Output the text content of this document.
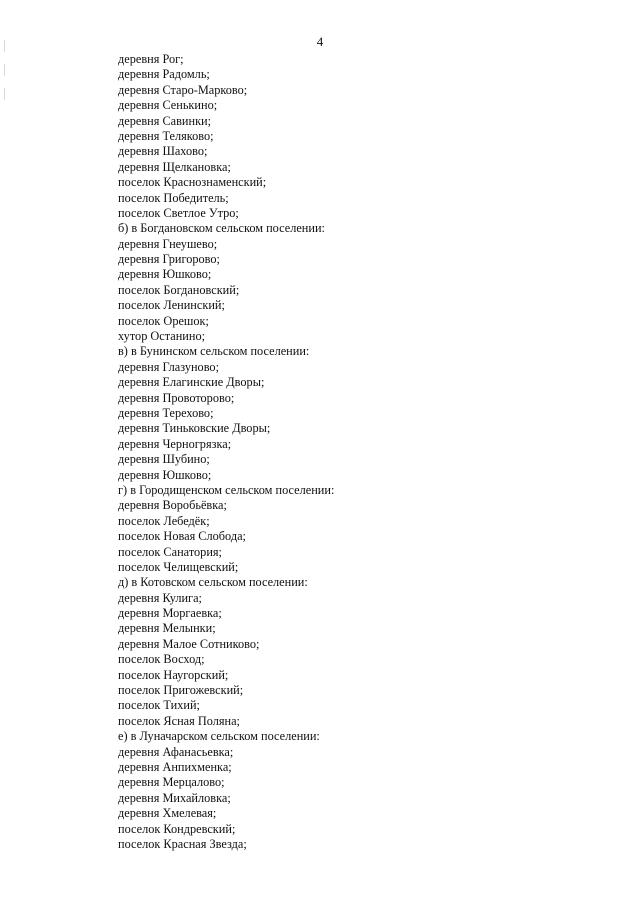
4
деревня Рог;
деревня Радомль;
деревня Старо-Марково;
деревня Сенькино;
деревня Савинки;
деревня Теляково;
деревня Шахово;
деревня Щелкановка;
поселок Краснознаменский;
поселок Победитель;
поселок Светлое Утро;
б) в Богдановском сельском поселении:
деревня Гнеушево;
деревня Григорово;
деревня Юшково;
поселок Богдановский;
поселок Ленинский;
поселок Орешок;
хутор Останино;
в) в Бунинском сельском поселении:
деревня Глазуново;
деревня Елагинские Дворы;
деревня Провоторово;
деревня Терехово;
деревня Тиньковские Дворы;
деревня Черногрязка;
деревня Шубино;
деревня Юшково;
г) в Городищенском сельском поселении:
деревня Воробьёвка;
поселок Лебедёк;
поселок Новая Слобода;
поселок Санатория;
поселок Челищевский;
д) в Котовском сельском поселении:
деревня Кулига;
деревня Моргаевка;
деревня Мелынки;
деревня Малое Сотниково;
поселок Восход;
поселок Наугорский;
поселок Пригожевский;
поселок Тихий;
поселок Ясная Поляна;
е) в Луначарском сельском поселении:
деревня Афанасьевка;
деревня Анпихменка;
деревня Мерцалово;
деревня Михайловка;
деревня Хмелевая;
поселок Кондревский;
поселок Красная Звезда;
